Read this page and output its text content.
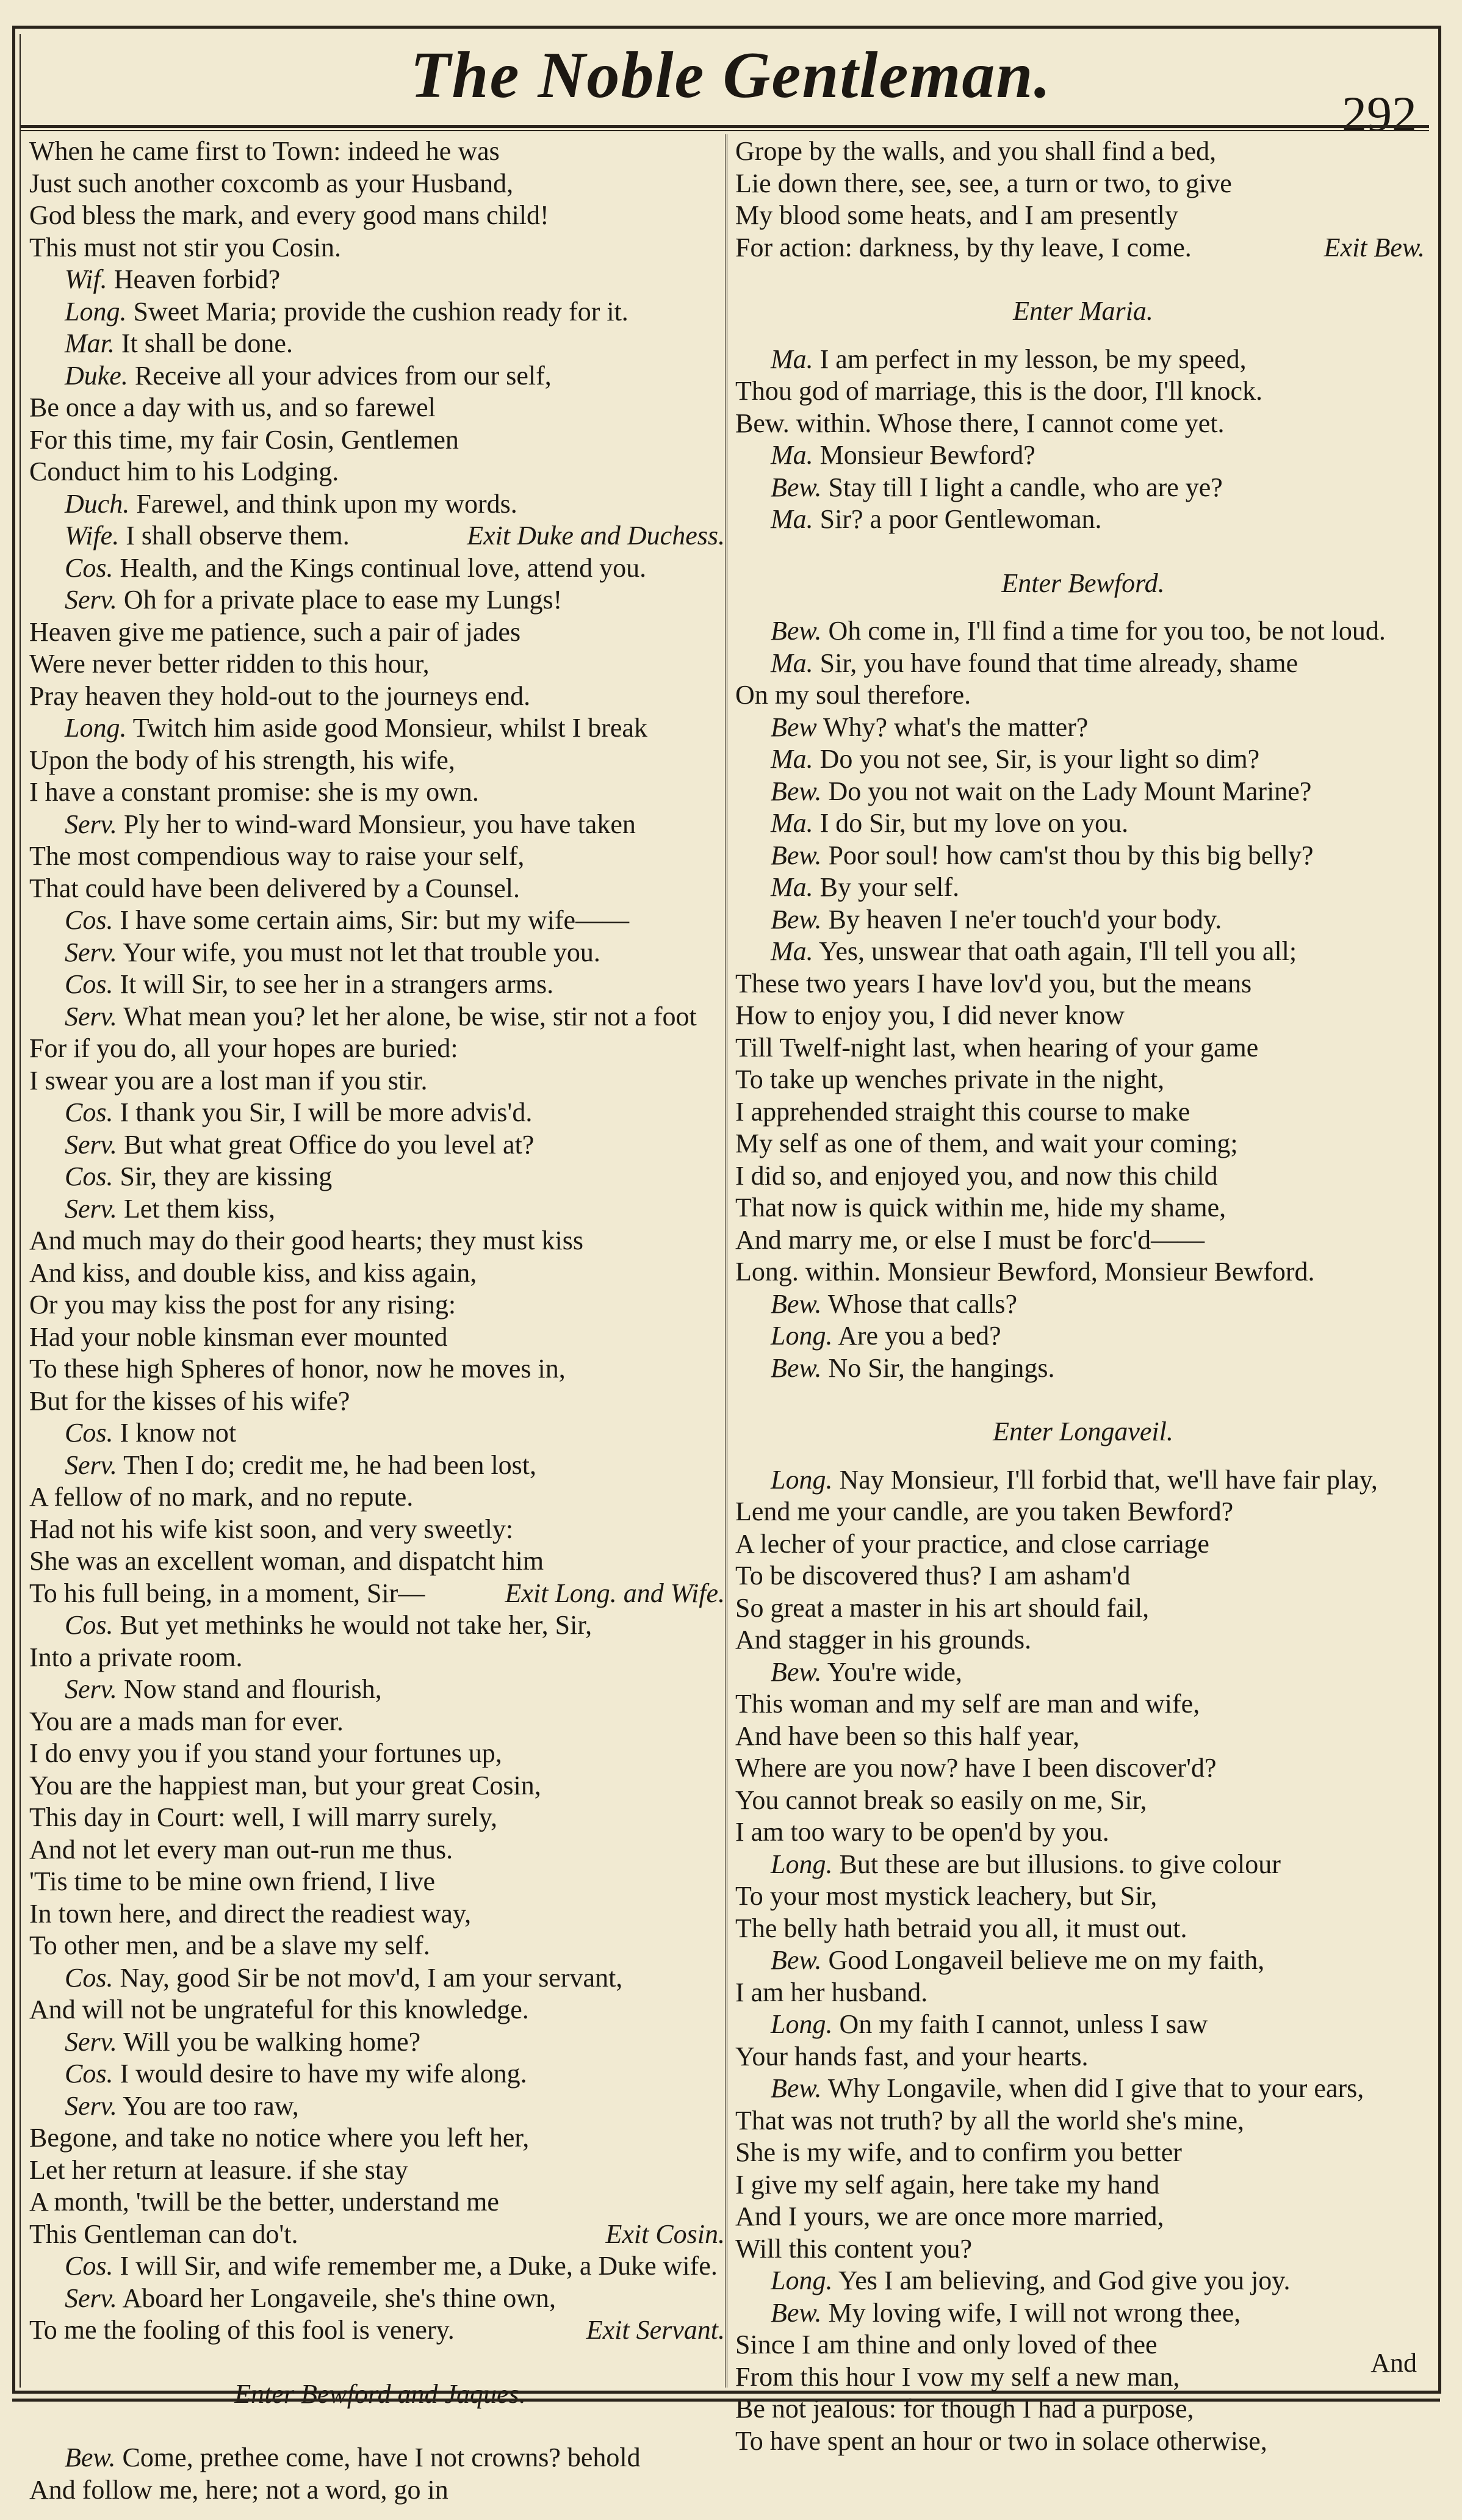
The Noble Gentleman.
292
When he came first to Town: indeed he was
Just such another coxcomb as your Husband,
God bless the mark, and every good mans child!
This must not stir you Cosin.
Wif. Heaven forbid?
Long. Sweet Maria; provide the cushion ready for it.
Mar. It shall be done.
Duke. Receive all your advices from our self,
Be once a day with us, and so farewel
For this time, my fair Cosin, Gentlemen
Conduct him to his Lodging.
Duch. Farewel, and think upon my words.
Exit Duke and Duchess.
Wife. I shall observe them.
Cos. Health, and the Kings continual love, attend you.
Serv. Oh for a private place to ease my Lungs!
Heaven give me patience, such a pair of jades
Were never better ridden to this hour,
Pray heaven they hold-out to the journeys end.
Long. Twitch him aside good Monsieur, whilst I break
Upon the body of his strength, his wife,
I have a constant promise: she is my own.
Serv. Ply her to wind-ward Monsieur, you have taken
The most compendious way to raise your self,
That could have been delivered by a Counsel.
Cos. I have some certain aims, Sir: but my wife——
Serv. Your wife, you must not let that trouble you.
Cos. It will Sir, to see her in a strangers arms.
Serv. What mean you? let her alone, be wise, stir not a foot
For if you do, all your hopes are buried:
I swear you are a lost man if you stir.
Cos. I thank you Sir, I will be more advis'd.
Serv. But what great Office do you level at?
Cos. Sir, they are kissing
Serv. Let them kiss,
And much may do their good hearts; they must kiss
And kiss, and double kiss, and kiss again,
Or you may kiss the post for any rising:
Had your noble kinsman ever mounted
To these high Spheres of honor, now he moves in,
But for the kisses of his wife?
Cos. I know not
Serv. Then I do; credit me, he had been lost,
A fellow of no mark, and no repute.
Had not his wife kist soon, and very sweetly:
She was an excellent woman, and dispatcht him
Exit Long. and Wife.
To his full being, in a moment, Sir—
Cos. But yet methinks he would not take her, Sir,
Into a private room.
Serv. Now stand and flourish,
You are a mads man for ever.
I do envy you if you stand your fortunes up,
You are the happiest man, but your great Cosin,
This day in Court: well, I will marry surely,
And not let every man out-run me thus.
'Tis time to be mine own friend, I live
In town here, and direct the readiest way,
To other men, and be a slave my self.
Cos. Nay, good Sir be not mov'd, I am your servant,
And will not be ungrateful for this knowledge.
Serv. Will you be walking home?
Cos. I would desire to have my wife along.
Serv. You are too raw,
Begone, and take no notice where you left her,
Let her return at leasure. if she stay
A month, 'twill be the better, understand me
Exit Cosin.
This Gentleman can do't.
Cos. I will Sir, and wife remember me, a Duke, a Duke wife.
Serv. Aboard her Longaveile, she's thine own,
Exit Servant.
To me the fooling of this fool is venery.
Enter Bewford and Jaques.
Bew. Come, prethee come, have I not crowns? behold
And follow me, here; not a word, go in
Grope by the walls, and you shall find a bed,
Lie down there, see, see, a turn or two, to give
My blood some heats, and I am presently
Exit Bew.
For action: darkness, by thy leave, I come.
Enter Maria.
Ma. I am perfect in my lesson, be my speed,
Thou god of marriage, this is the door, I'll knock.
Bew. within. Whose there, I cannot come yet.
Ma. Monsieur Bewford?
Bew. Stay till I light a candle, who are ye?
Ma. Sir? a poor Gentlewoman.
Enter Bewford.
Bew. Oh come in, I'll find a time for you too, be not loud.
Ma. Sir, you have found that time already, shame
On my soul therefore.
Bew Why? what's the matter?
Ma. Do you not see, Sir, is your light so dim?
Bew. Do you not wait on the Lady Mount Marine?
Ma. I do Sir, but my love on you.
Bew. Poor soul! how cam'st thou by this big belly?
Ma. By your self.
Bew. By heaven I ne'er touch'd your body.
Ma. Yes, unswear that oath again, I'll tell you all;
These two years I have lov'd you, but the means
How to enjoy you, I did never know
Till Twelf-night last, when hearing of your game
To take up wenches private in the night,
I apprehended straight this course to make
My self as one of them, and wait your coming;
I did so, and enjoyed you, and now this child
That now is quick within me, hide my shame,
And marry me, or else I must be forc'd——
Long. within. Monsieur Bewford, Monsieur Bewford.
Bew. Whose that calls?
Long. Are you a bed?
Bew. No Sir, the hangings.
Enter Longaveil.
Long. Nay Monsieur, I'll forbid that, we'll have fair play,
Lend me your candle, are you taken Bewford?
A lecher of your practice, and close carriage
To be discovered thus? I am asham'd
So great a master in his art should fail,
And stagger in his grounds.
Bew. You're wide,
This woman and my self are man and wife,
And have been so this half year,
Where are you now? have I been discover'd?
You cannot break so easily on me, Sir,
I am too wary to be open'd by you.
Long. But these are but illusions. to give colour
To your most mystick leachery, but Sir,
The belly hath betraid you all, it must out.
Bew. Good Longaveil believe me on my faith,
I am her husband.
Long. On my faith I cannot, unless I saw
Your hands fast, and your hearts.
Bew. Why Longavile, when did I give that to your ears,
That was not truth? by all the world she's mine,
She is my wife, and to confirm you better
I give my self again, here take my hand
And I yours, we are once more married,
Will this content you?
Long. Yes I am believing, and God give you joy.
Bew. My loving wife, I will not wrong thee,
Since I am thine and only loved of thee
From this hour I vow my self a new man,
Be not jealous: for though I had a purpose,
To have spent an hour or two in solace otherwise,
And
